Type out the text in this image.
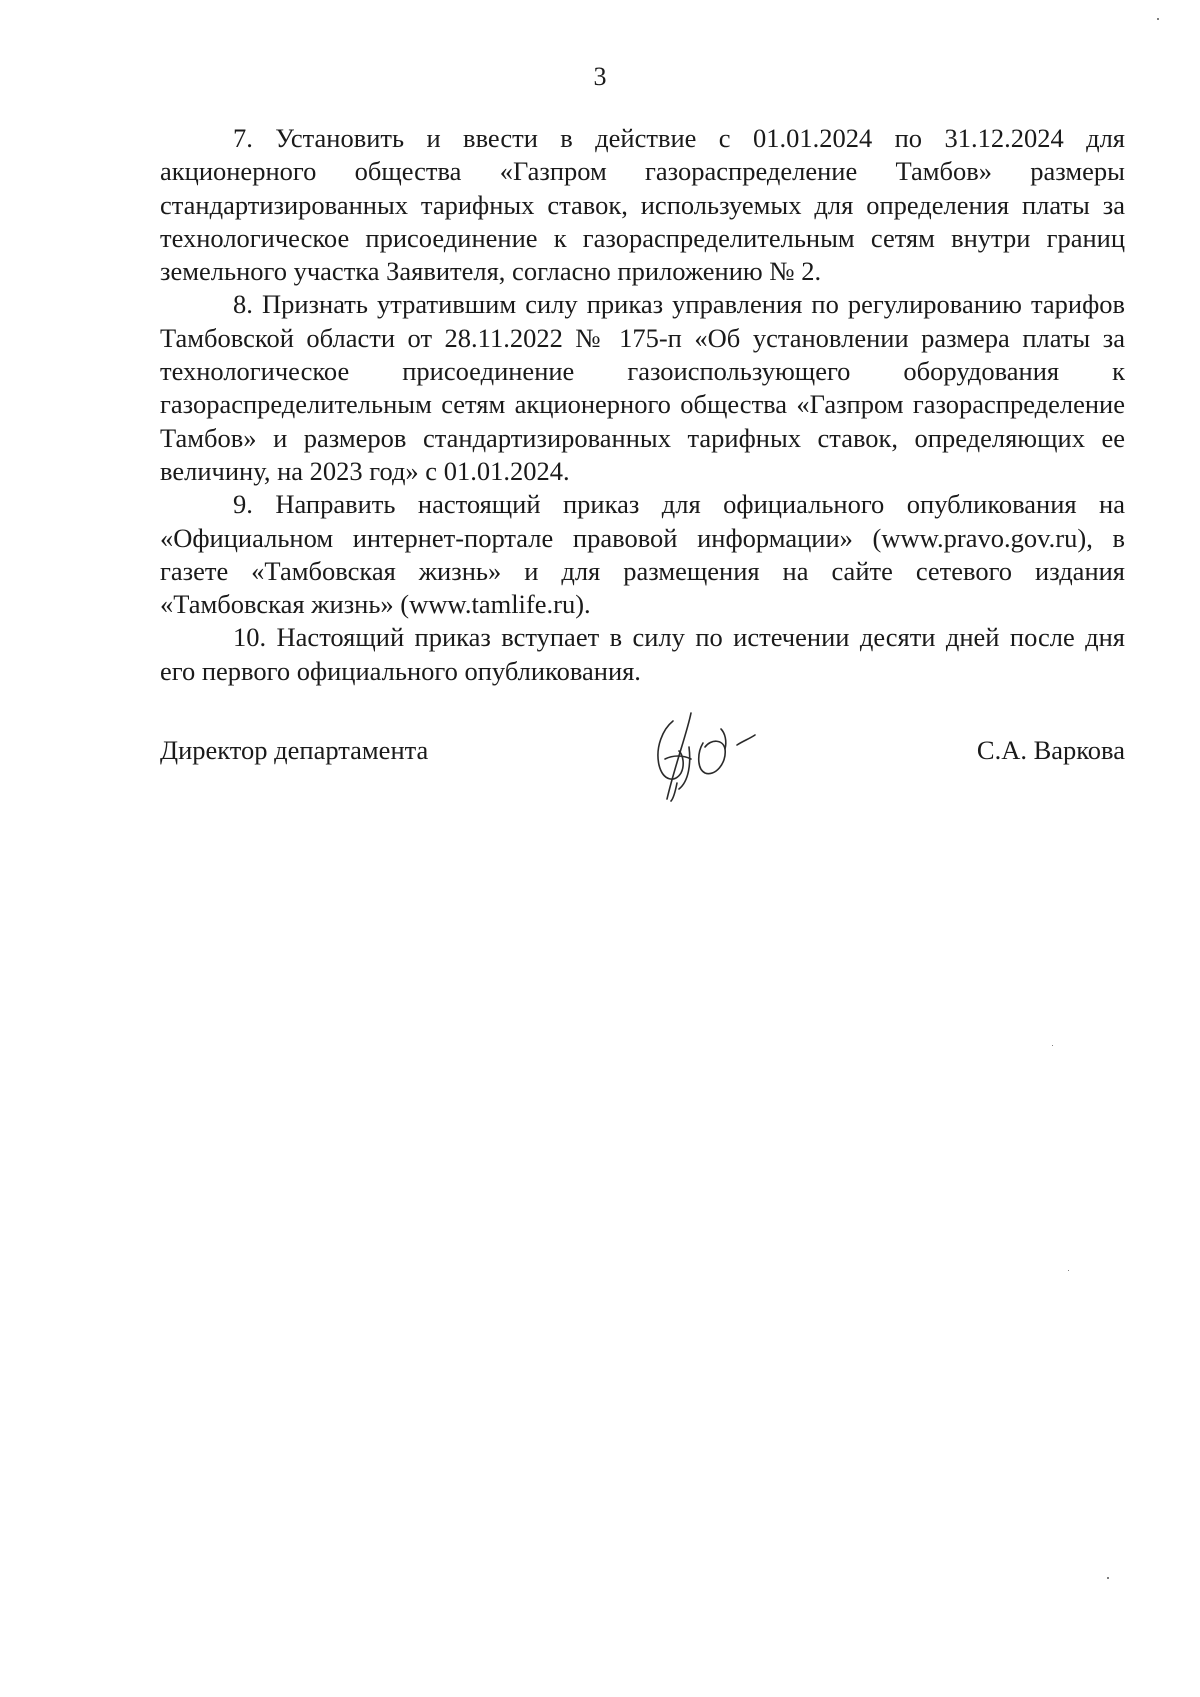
3

7. Установить и ввести в действие с 01.01.2024 по 31.12.2024 для акционерного общества «Газпром газораспределение Тамбов» размеры стандартизированных тарифных ставок, используемых для определения платы за технологическое присоединение к газораспределительным сетям внутри границ земельного участка Заявителя, согласно приложению № 2.

8. Признать утратившим силу приказ управления по регулированию тарифов Тамбовской области от 28.11.2022 № 175-п «Об установлении размера платы за технологическое присоединение газоиспользующего оборудования к газораспределительным сетям акционерного общества «Газпром газораспределение Тамбов» и размеров стандартизированных тарифных ставок, определяющих ее величину, на 2023 год» с 01.01.2024.

9. Направить настоящий приказ для официального опубликования на «Официальном интернет-портале правовой информации» (www.pravo.gov.ru), в газете «Тамбовская жизнь» и для размещения на сайте сетевого издания «Тамбовская жизнь» (www.tamlife.ru).

10. Настоящий приказ вступает в силу по истечении десяти дней после дня его первого официального опубликования.

Директор департамента	С.А. Варкова
